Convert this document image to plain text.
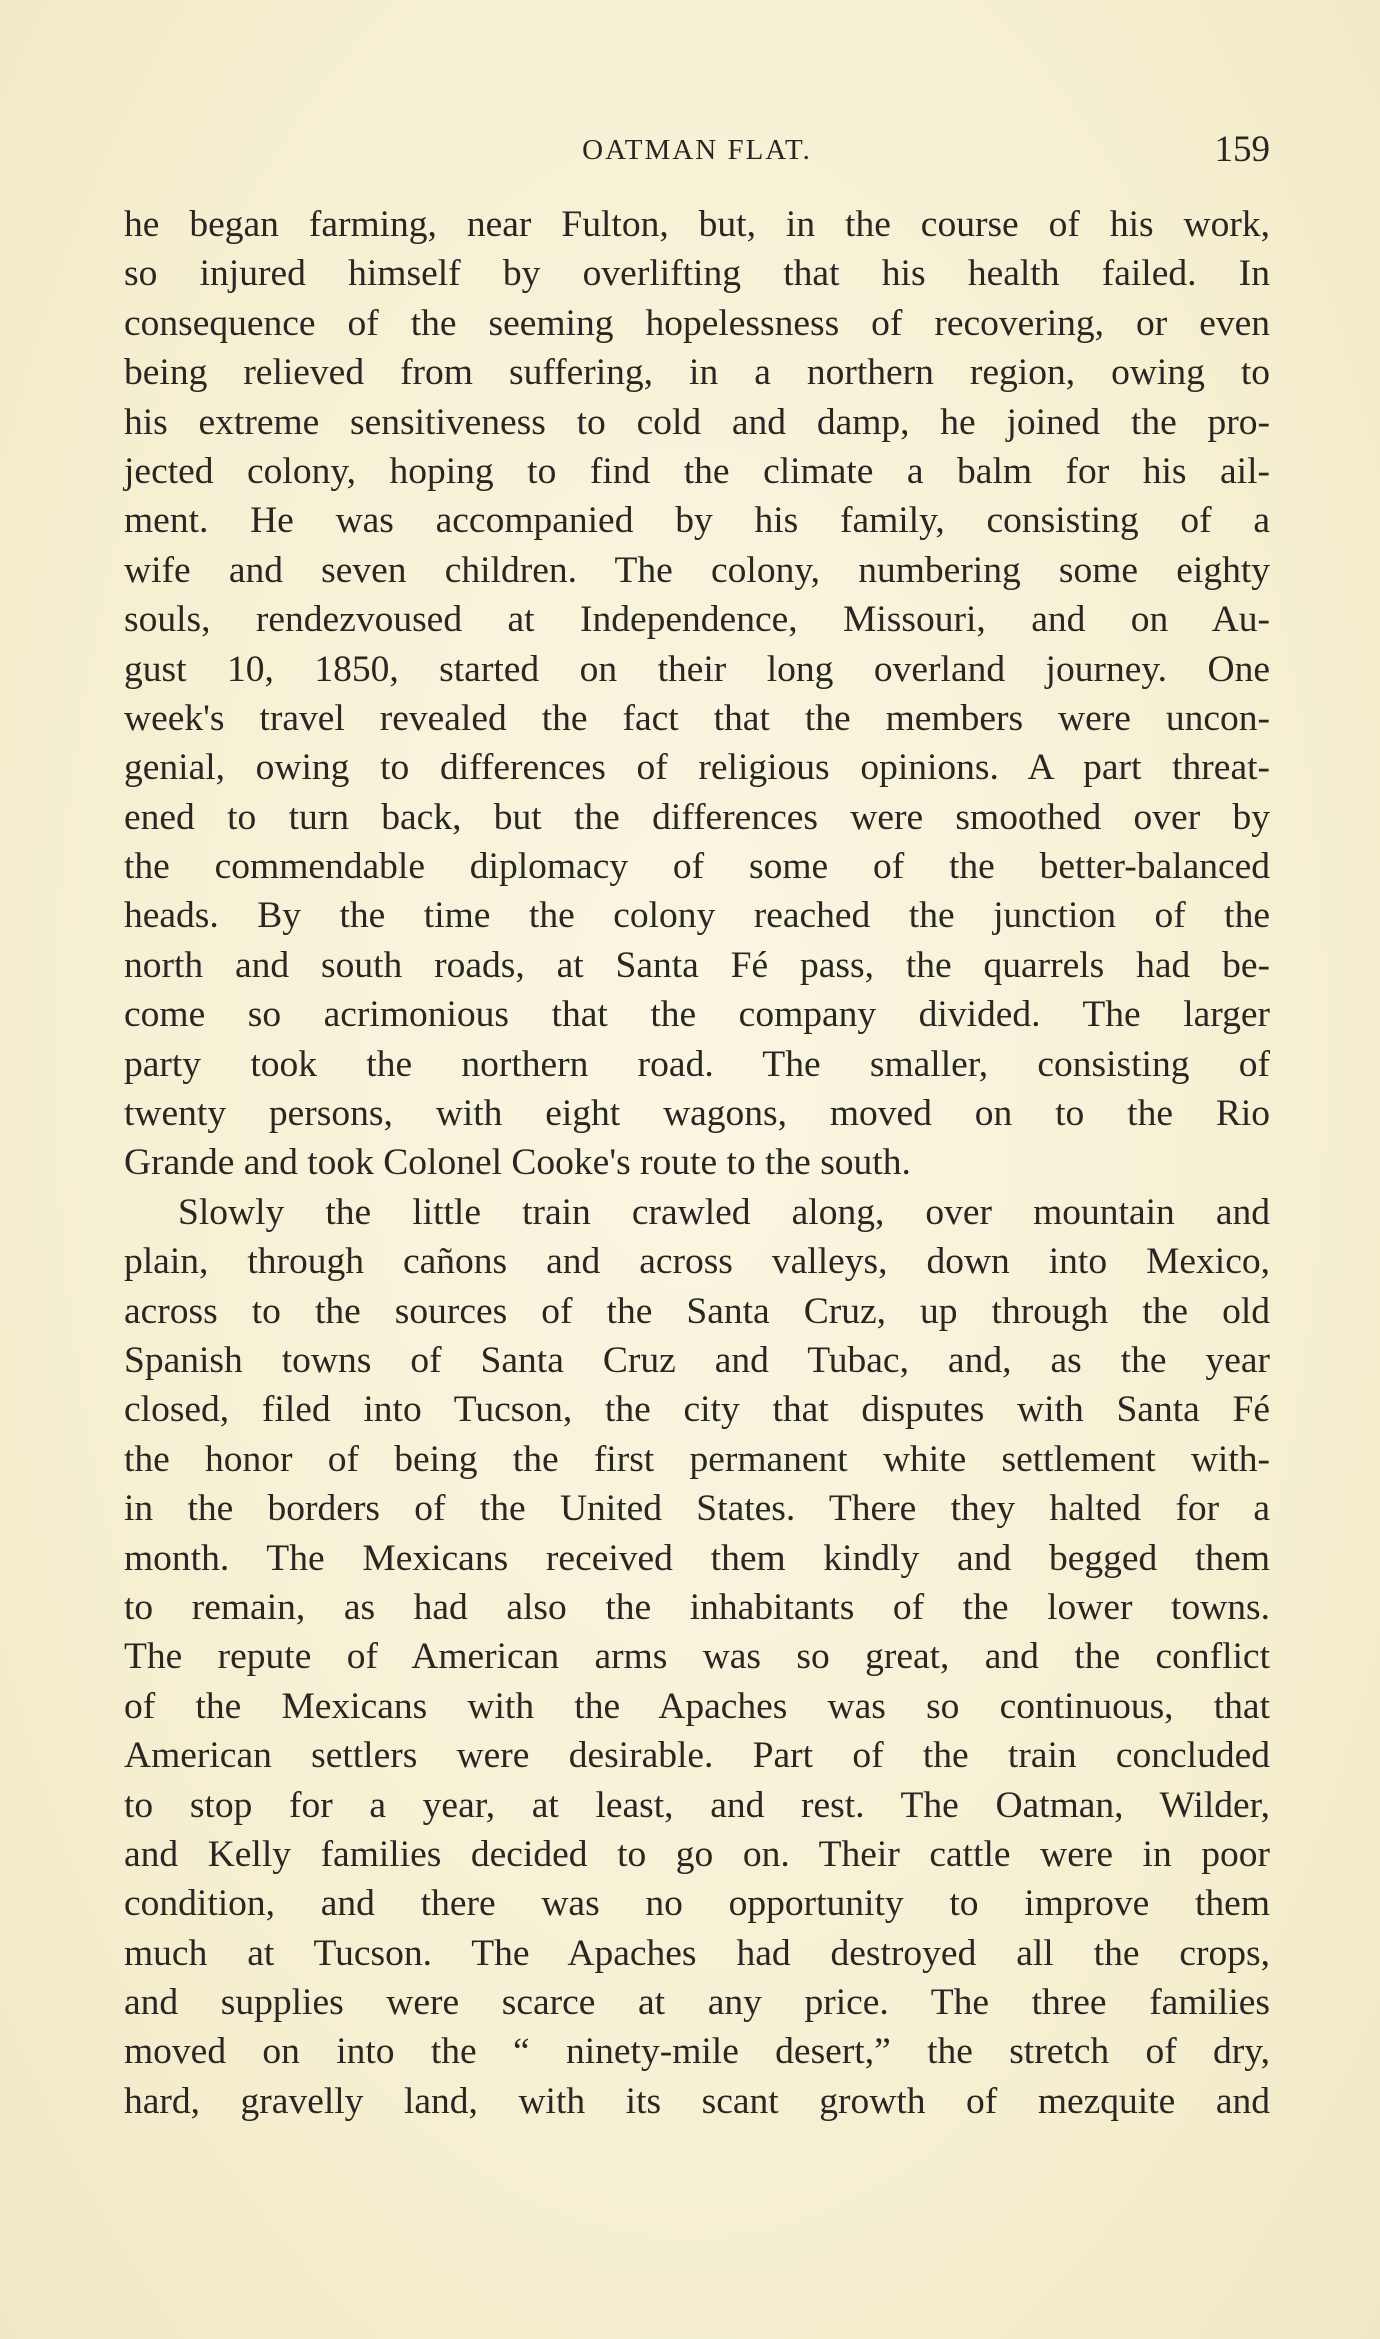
OATMAN FLAT.	159
he began farming, near Fulton, but, in the course of his work,
so injured himself by overlifting that his health failed. In
consequence of the seeming hopelessness of recovering, or even
being relieved from suffering, in a northern region, owing to
his extreme sensitiveness to cold and damp, he joined the pro-
jected colony, hoping to find the climate a balm for his ail-
ment. He was accompanied by his family, consisting of a
wife and seven children. The colony, numbering some eighty
souls, rendezvoused at Independence, Missouri, and on Au-
gust 10, 1850, started on their long overland journey. One
week's travel revealed the fact that the members were uncon-
genial, owing to differences of religious opinions. A part threat-
ened to turn back, but the differences were smoothed over by
the commendable diplomacy of some of the better-balanced
heads. By the time the colony reached the junction of the
north and south roads, at Santa Fé pass, the quarrels had be-
come so acrimonious that the company divided. The larger
party took the northern road. The smaller, consisting of
twenty persons, with eight wagons, moved on to the Rio
Grande and took Colonel Cooke's route to the south.
Slowly the little train crawled along, over mountain and
plain, through cañons and across valleys, down into Mexico,
across to the sources of the Santa Cruz, up through the old
Spanish towns of Santa Cruz and Tubac, and, as the year
closed, filed into Tucson, the city that disputes with Santa Fé
the honor of being the first permanent white settlement with-
in the borders of the United States. There they halted for a
month. The Mexicans received them kindly and begged them
to remain, as had also the inhabitants of the lower towns.
The repute of American arms was so great, and the conflict
of the Mexicans with the Apaches was so continuous, that
American settlers were desirable. Part of the train concluded
to stop for a year, at least, and rest. The Oatman, Wilder,
and Kelly families decided to go on. Their cattle were in poor
condition, and there was no opportunity to improve them
much at Tucson. The Apaches had destroyed all the crops,
and supplies were scarce at any price. The three families
moved on into the “ ninety-mile desert,” the stretch of dry,
hard, gravelly land, with its scant growth of mezquite and
